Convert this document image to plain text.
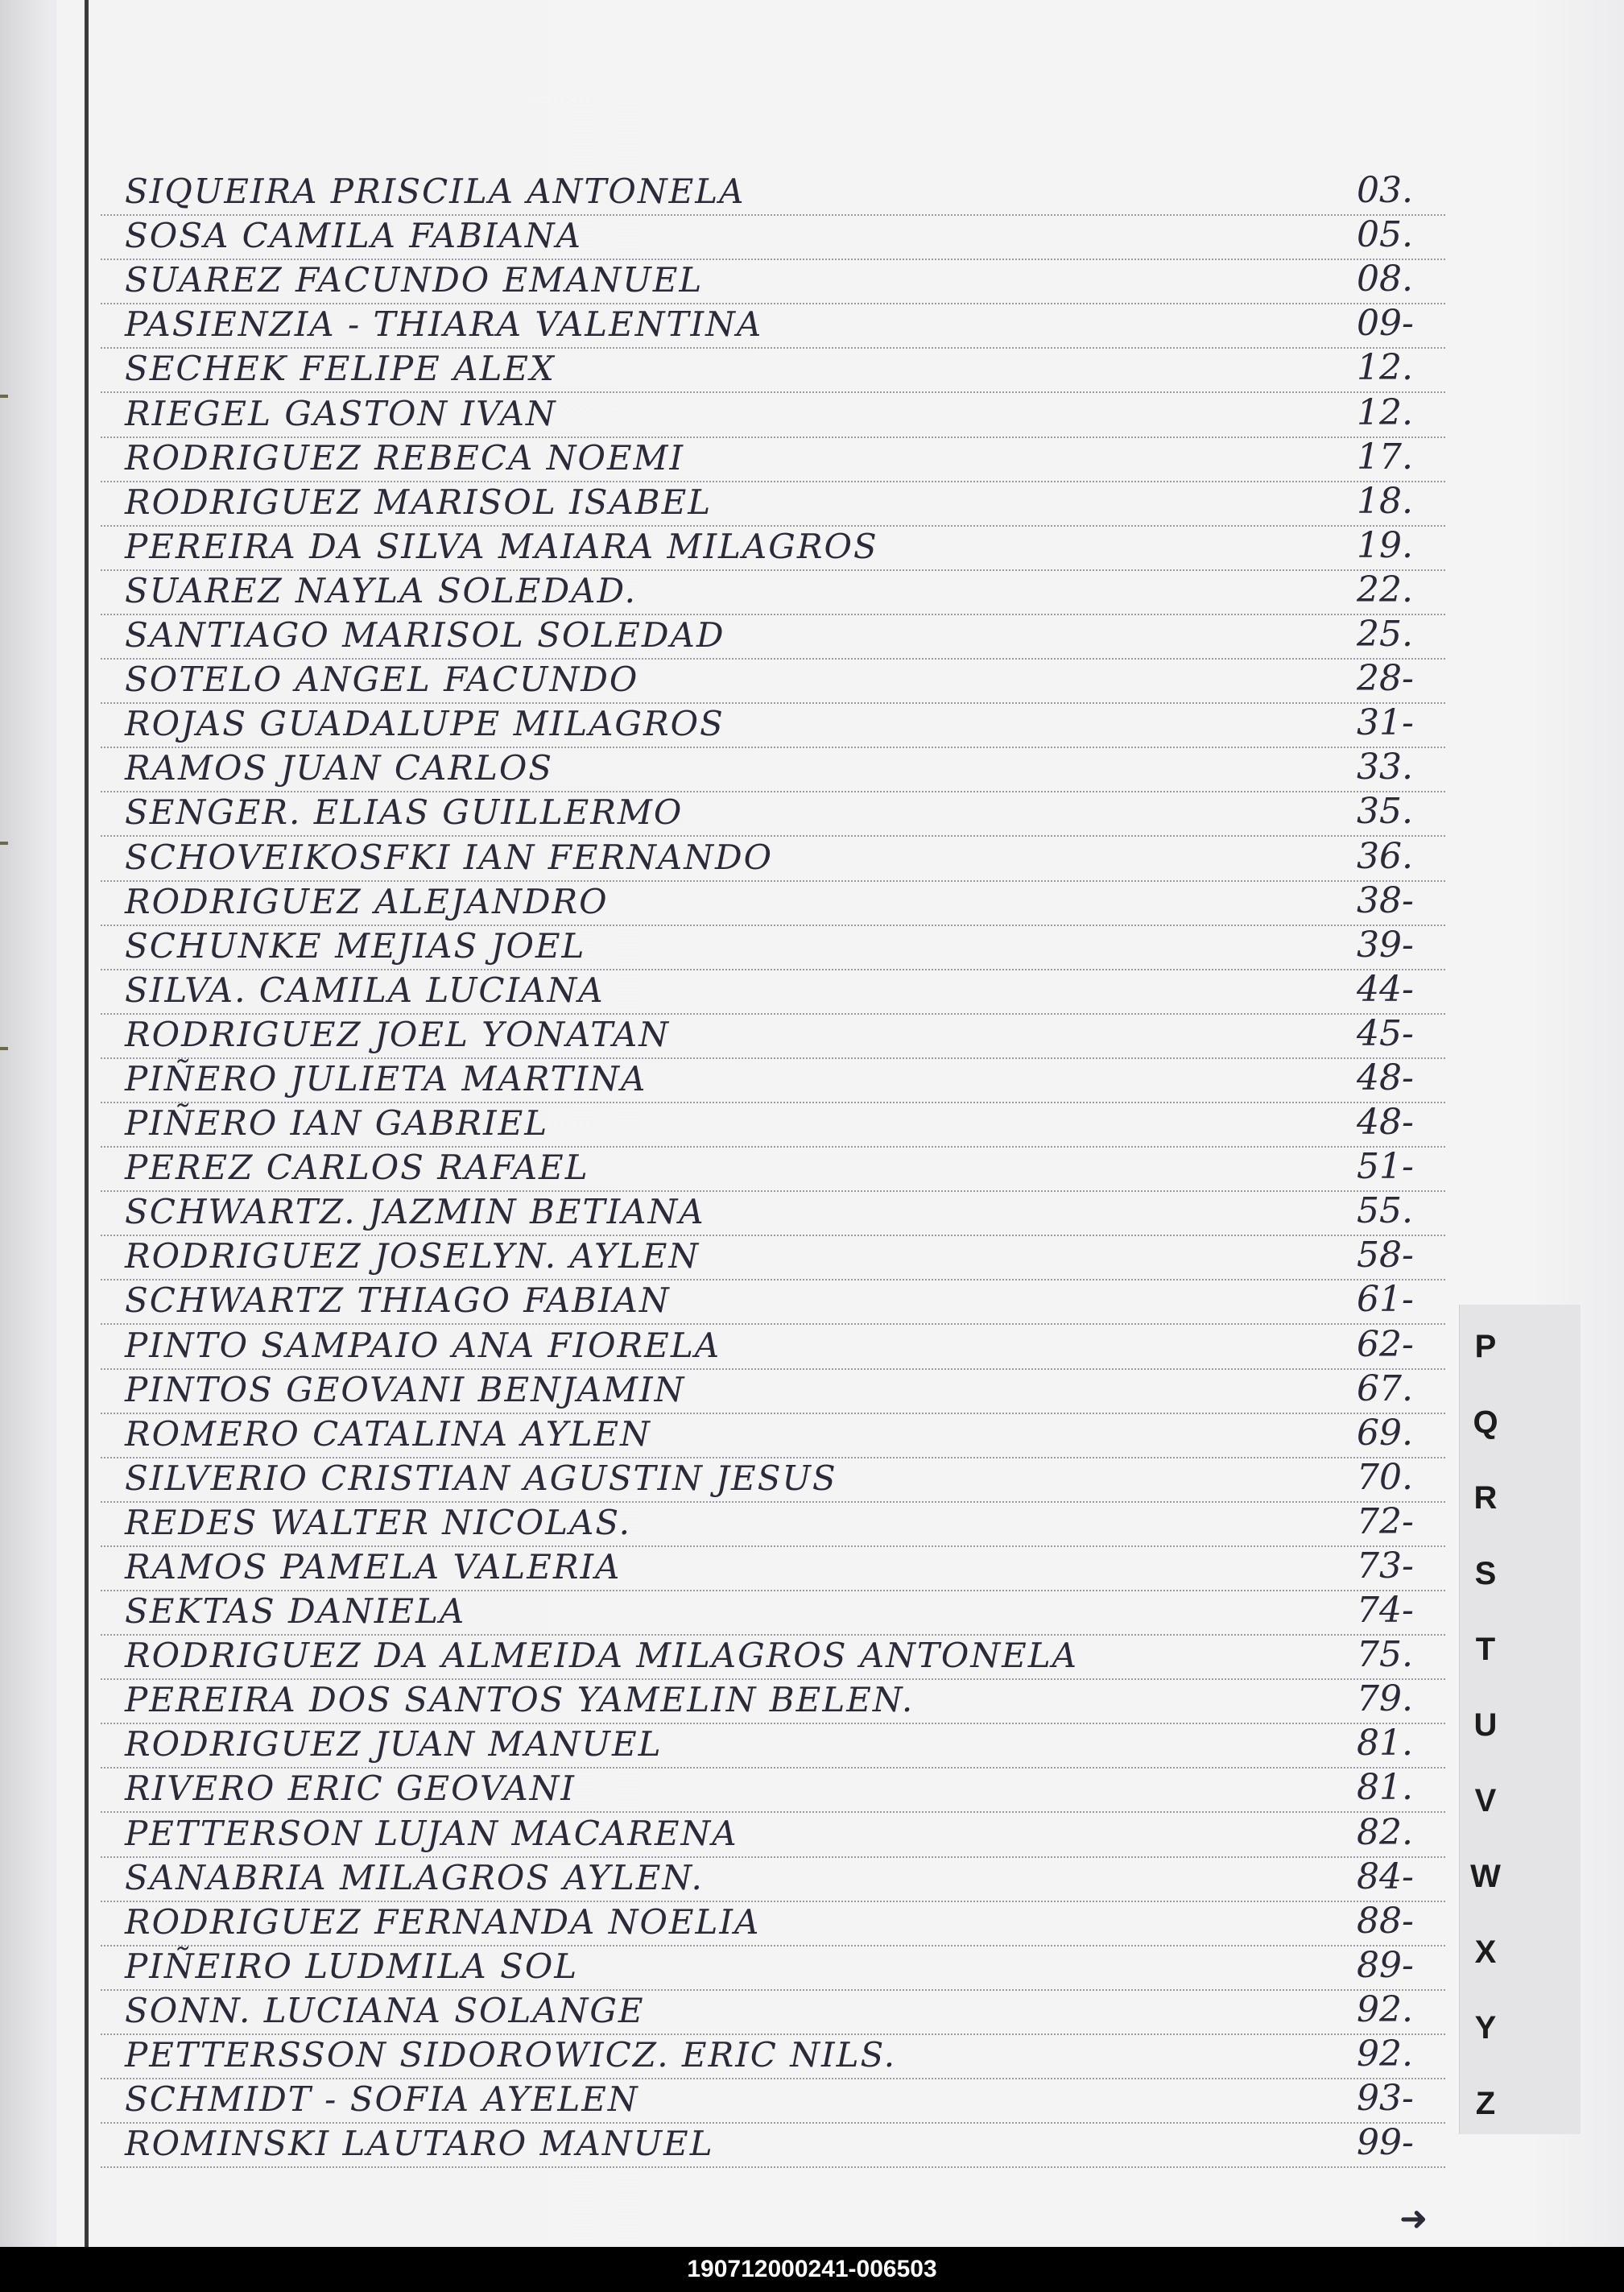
SIQUEIRA PRISCILA ANTONELA	03.
SOSA CAMILA FABIANA	05.
SUAREZ FACUNDO EMANUEL	08.
PASIENZIA - THIARA VALENTINA	09-
SECHEK FELIPE ALEX	12.
RIEGEL GASTON IVAN	12.
RODRIGUEZ REBECA NOEMI	17.
RODRIGUEZ MARISOL ISABEL	18.
PEREIRA DA SILVA MAIARA MILAGROS	19.
SUAREZ NAYLA SOLEDAD.	22.
SANTIAGO MARISOL SOLEDAD	25.
SOTELO ANGEL FACUNDO	28-
ROJAS GUADALUPE MILAGROS	31-
RAMOS JUAN CARLOS	33.
SENGER. ELIAS GUILLERMO	35.
SCHOVEIKOSFKI IAN FERNANDO	36.
RODRIGUEZ ALEJANDRO	38-
SCHUNKE MEJIAS JOEL	39-
SILVA. CAMILA LUCIANA	44-
RODRIGUEZ JOEL YONATAN	45-
PIÑERO JULIETA MARTINA	48-
PIÑERO IAN GABRIEL	48-
PEREZ CARLOS RAFAEL	51-
SCHWARTZ. JAZMIN BETIANA	55.
RODRIGUEZ JOSELYN. AYLEN	58-
SCHWARTZ THIAGO FABIAN	61-
PINTO SAMPAIO ANA FIORELA	62-
PINTOS GEOVANI BENJAMIN	67.
ROMERO CATALINA AYLEN	69.
SILVERIO CRISTIAN AGUSTIN JESUS	70.
REDES WALTER NICOLAS.	72-
RAMOS PAMELA VALERIA	73-
SEKTAS DANIELA	74-
RODRIGUEZ DA ALMEIDA MILAGROS ANTONELA	75.
PEREIRA DOS SANTOS YAMELIN BELEN.	79.
RODRIGUEZ JUAN MANUEL	81.
RIVERO ERIC GEOVANI	81.
PETTERSON LUJAN MACARENA	82.
SANABRIA MILAGROS AYLEN.	84-
RODRIGUEZ FERNANDA NOELIA	88-
PIÑEIRO LUDMILA SOL	89-
SONN. LUCIANA SOLANGE	92.
PETTERSSON SIDOROWICZ. ERIC NILS.	92.
SCHMIDT - SOFIA AYELEN	93-
ROMINSKI LAUTARO MANUEL	99-
P
Q
R
S
T
U
V
W
X
Y
Z
➜
190712000241-006503
